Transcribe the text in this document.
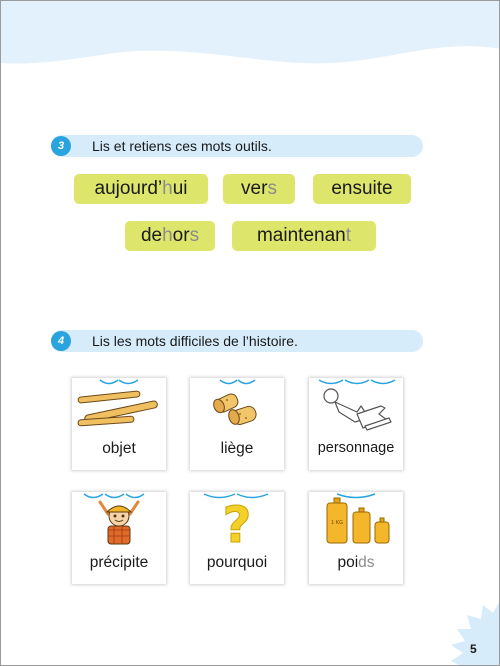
3	Lis et retiens ces mots outils.
aujourd’hui	vers	ensuite
dehors	maintenant
4	Lis les mots difficiles de l’histoire.
objet	liège	personnage
précipite
?
pourquoi
1 KG
poids
5
